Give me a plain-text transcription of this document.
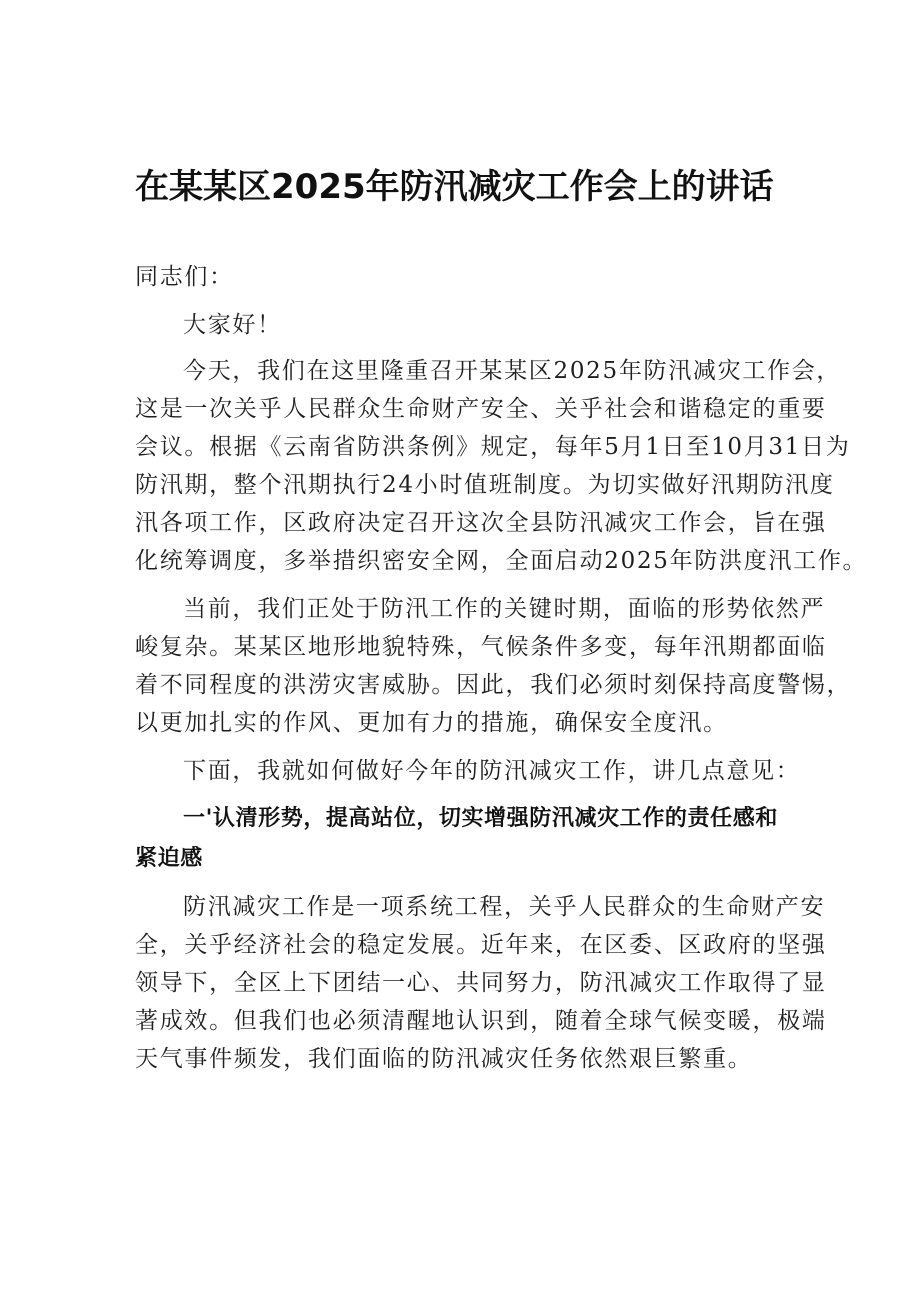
在某某区2025年防汛减灾工作会上的讲话

同志们：

大家好！

今天，我们在这里隆重召开某某区2025年防汛减灾工作会，

这是一次关乎人民群众生命财产安全、关乎社会和谐稳定的重要

会议。根据《云南省防洪条例》规定，每年5月1日至10月31日为

防汛期，整个汛期执行24小时值班制度。为切实做好汛期防汛度

汛各项工作，区政府决定召开这次全县防汛减灾工作会，旨在强

化统筹调度，多举措织密安全网，全面启动2025年防洪度汛工作。

当前，我们正处于防汛工作的关键时期，面临的形势依然严

峻复杂。某某区地形地貌特殊，气候条件多变，每年汛期都面临

着不同程度的洪涝灾害威胁。因此，我们必须时刻保持高度警惕，

以更加扎实的作风、更加有力的措施，确保安全度汛。

下面，我就如何做好今年的防汛减灾工作，讲几点意见：

一'认清形势，提高站位，切实增强防汛减灾工作的责任感和

紧迫感

防汛减灾工作是一项系统工程，关乎人民群众的生命财产安

全，关乎经济社会的稳定发展。近年来，在区委、区政府的坚强

领导下，全区上下团结一心、共同努力，防汛减灾工作取得了显

著成效。但我们也必须清醒地认识到，随着全球气候变暖，极端

天气事件频发，我们面临的防汛减灾任务依然艰巨繁重。
